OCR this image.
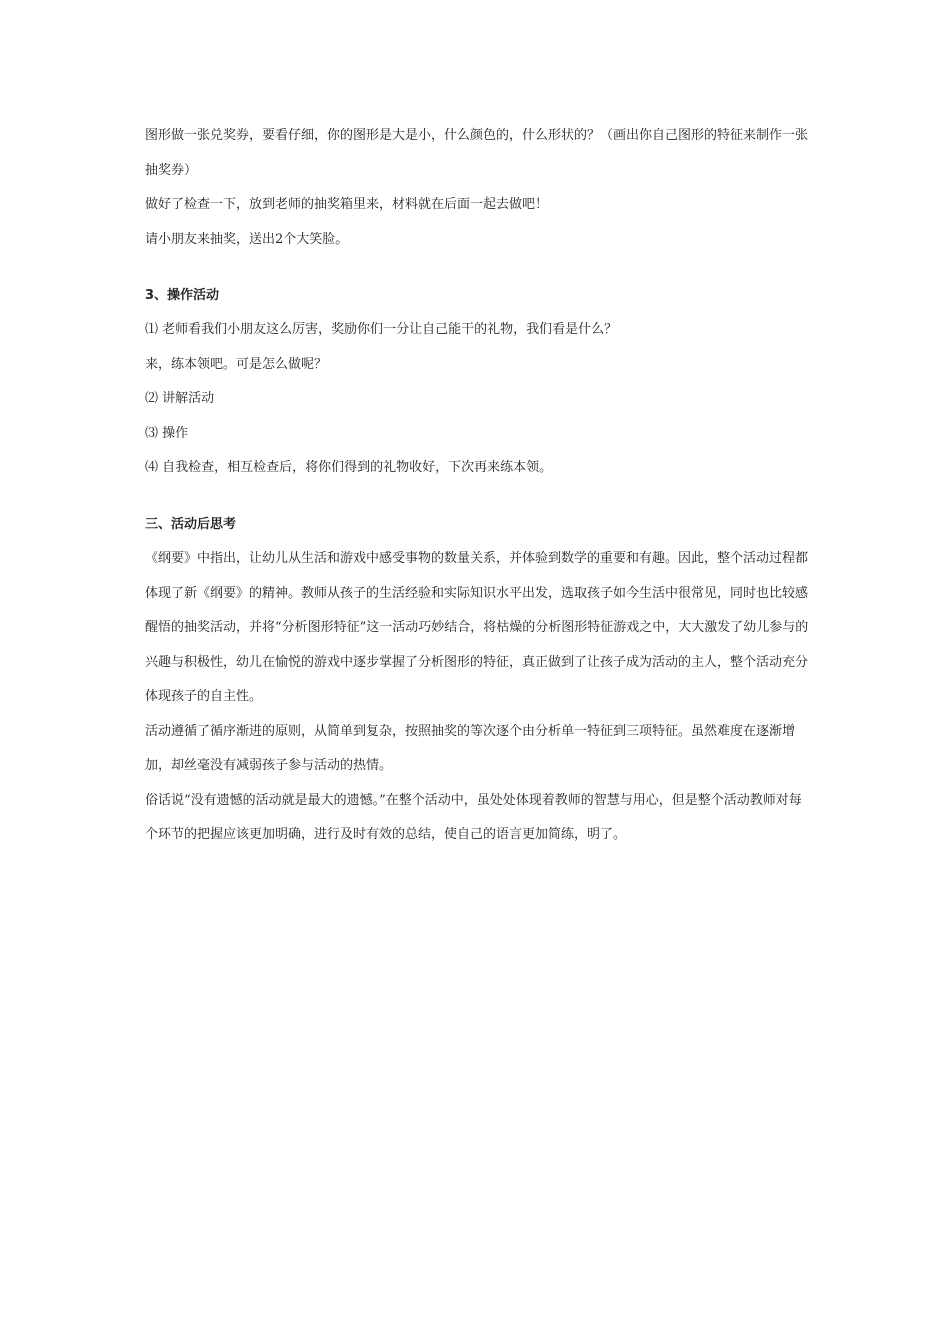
图形做一张兑奖券，要看仔细，你的图形是大是小，什么颜色的，什么形状的？（画出你自己图形的特征来制作一张抽奖券）

做好了检查一下，放到老师的抽奖箱里来，材料就在后面一起去做吧！

请小朋友来抽奖，送出2个大笑脸。

3、操作活动

⑴ 老师看我们小朋友这么厉害，奖励你们一分让自己能干的礼物，我们看是什么？

来，练本领吧。可是怎么做呢？

⑵ 讲解活动

⑶ 操作

⑷ 自我检查，相互检查后，将你们得到的礼物收好，下次再来练本领。

三、活动后思考

《纲要》中指出，让幼儿从生活和游戏中感受事物的数量关系，并体验到数学的重要和有趣。因此，整个活动过程都体现了新《纲要》的精神。教师从孩子的生活经验和实际知识水平出发，选取孩子如今生活中很常见，同时也比较感醒悟的抽奖活动，并将“分析图形特征”这一活动巧妙结合，将枯燥的分析图形特征游戏之中，大大激发了幼儿参与的兴趣与积极性，幼儿在愉悦的游戏中逐步掌握了分析图形的特征，真正做到了让孩子成为活动的主人，整个活动充分体现孩子的自主性。

活动遵循了循序渐进的原则，从简单到复杂，按照抽奖的等次逐个由分析单一特征到三项特征。虽然难度在逐渐增加，却丝毫没有减弱孩子参与活动的热情。

俗话说“没有遗憾的活动就是最大的遗憾。”在整个活动中，虽处处体现着教师的智慧与用心，但是整个活动教师对每个环节的把握应该更加明确，进行及时有效的总结，使自己的语言更加简练，明了。
